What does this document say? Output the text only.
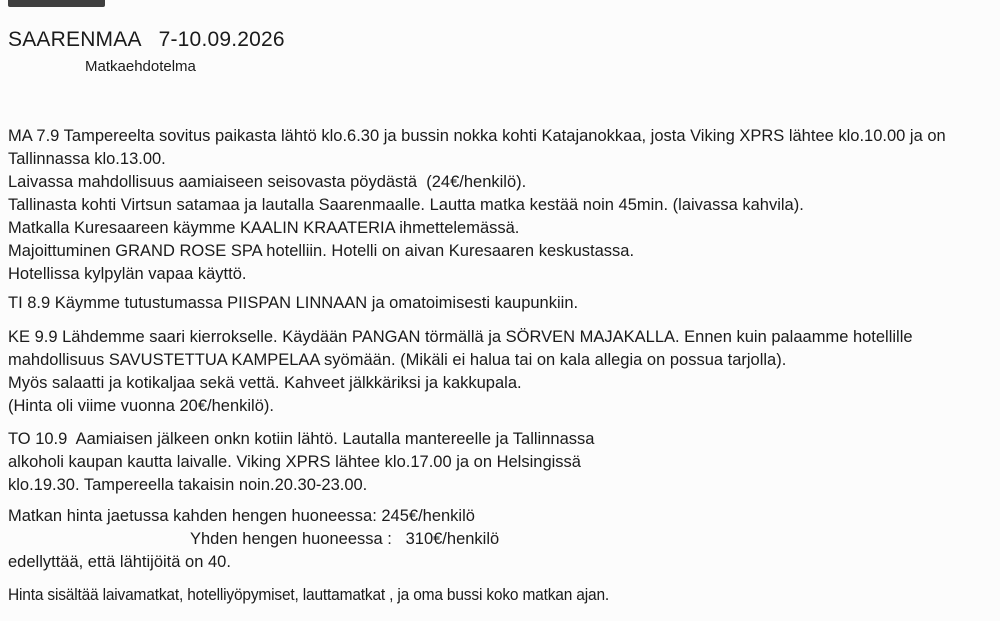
SAARENMAA   7-10.09.2026
Matkaehdotelma
MA 7.9 Tampereelta sovitus paikasta lähtö klo.6.30 ja bussin nokka kohti Katajanokkaa, josta Viking XPRS lähtee klo.10.00 ja on
Tallinnassa klo.13.00.
Laivassa mahdollisuus aamiaiseen seisovasta pöydästä  (24€/henkilö).
Tallinasta kohti Virtsun satamaa ja lautalla Saarenmaalle. Lautta matka kestää noin 45min. (laivassa kahvila).
Matkalla Kuresaareen käymme KAALIN KRAATERIA ihmettelemässä.
Majoittuminen GRAND ROSE SPA hotelliin. Hotelli on aivan Kuresaaren keskustassa.
Hotellissa kylpylän vapaa käyttö.
TI 8.9 Käymme tutustumassa PIISPAN LINNAAN ja omatoimisesti kaupunkiin.
KE 9.9 Lähdemme saari kierrokselle. Käydään PANGAN törmällä ja SÖRVEN MAJAKALLA. Ennen kuin palaamme hotellille
mahdollisuus SAVUSTETTUA KAMPELAA syömään. (Mikäli ei halua tai on kala allegia on possua tarjolla).
Myös salaatti ja kotikaljaa sekä vettä. Kahveet jälkkäriksi ja kakkupala.
(Hinta oli viime vuonna 20€/henkilö).
TO 10.9  Aamiaisen jälkeen onkn kotiin lähtö. Lautalla mantereelle ja Tallinnassa
alkoholi kaupan kautta laivalle. Viking XPRS lähtee klo.17.00 ja on Helsingissä
klo.19.30. Tampereella takaisin noin.20.30-23.00.
Matkan hinta jaetussa kahden hengen huoneessa: 245€/henkilö
Yhden hengen huoneessa :   310€/henkilö
edellyttää, että lähtijöitä on 40.
Hinta sisältää laivamatkat, hotelliyöpymiset, lauttamatkat , ja oma bussi koko matkan ajan.
